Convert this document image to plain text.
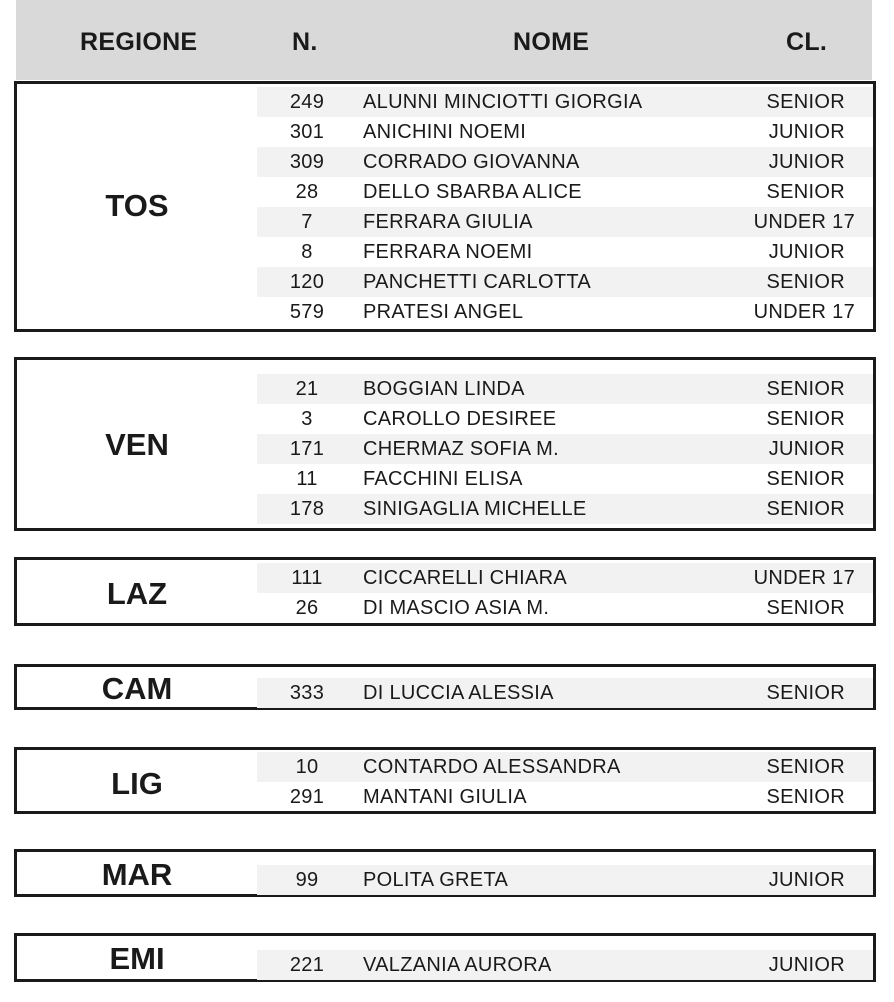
REGIONE	N.	NOME	CL.
TOS
249	ALUNNI MINCIOTTI GIORGIA	SENIOR
301	ANICHINI NOEMI	JUNIOR
309	CORRADO GIOVANNA	JUNIOR
28	DELLO SBARBA ALICE	SENIOR
7	FERRARA GIULIA	UNDER 17
8	FERRARA NOEMI	JUNIOR
120	PANCHETTI CARLOTTA	SENIOR
579	PRATESI ANGEL	UNDER 17
VEN
21	BOGGIAN LINDA	SENIOR
3	CAROLLO DESIREE	SENIOR
171	CHERMAZ SOFIA M.	JUNIOR
11	FACCHINI ELISA	SENIOR
178	SINIGAGLIA MICHELLE	SENIOR
LAZ	111	CICCARELLI CHIARA	UNDER 17
26	DI MASCIO ASIA M.	SENIOR
CAM	333	DI LUCCIA ALESSIA	SENIOR
LIG	10	CONTARDO ALESSANDRA	SENIOR
291	MANTANI GIULIA	SENIOR
MAR	99	POLITA GRETA	JUNIOR
EMI	221	VALZANIA AURORA	JUNIOR
